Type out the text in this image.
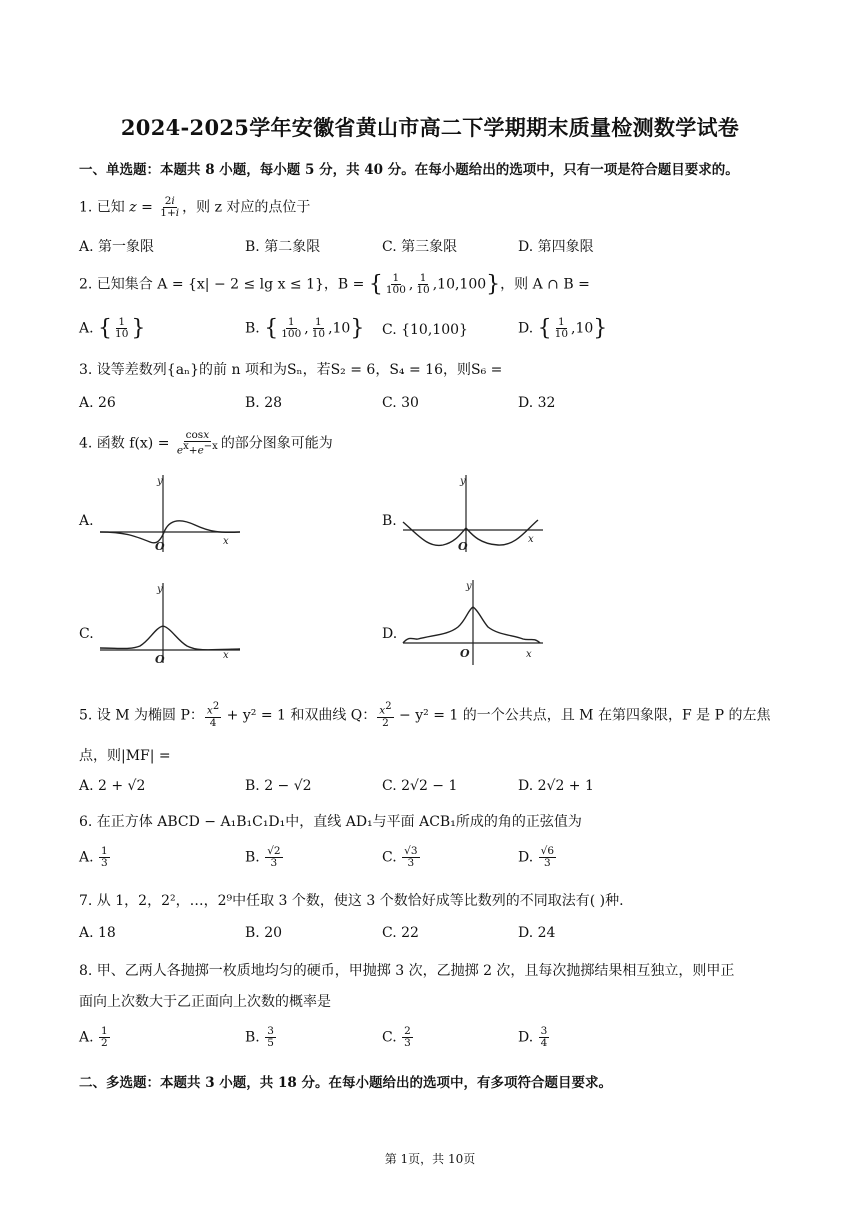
2024-2025学年安徽省黄山市高二下学期期末质量检测数学试卷
一、单选题：本题共 8 小题，每小题 5 分，共 40 分。在每小题给出的选项中，只有一项是符合题目要求的。
1. 已知 $z = \frac{2i}{1+i}$ ，则 z 对应的点位于
A. 第一象限	B. 第二象限	C. 第三象限	D. 第四象限
2. 已知集合 A = {x| − 2 ≤ lg x ≤ 1}，B = { $\frac{1}{100}$ , $\frac{1}{10} ,10,100$}，则 A ∩ B =
A. { $\frac{1}{10}$ }	B. { $\frac{1}{100}$ , $\frac{1}{10} ,10$} C. {10,100}	D. { $\frac{1}{10} ,10$}
3. 设等差数列{aₙ}的前 n 项和为Sₙ，若S₂ = 6，S₄ = 16，则S₆ =
A. 26	B. 28	C. 30	D. 32
4. 函数 $f(x) = \frac{\cos x}{e^x+e^{-x}}$ 的部分图象可能为
A.
y
O	x
B.
y
O
x
C.
y
O	x
D.
y
O	x
5. 设 M 为椭圆 P： $\frac{x^2}{4} + y^2 = 1$ 和双曲线 Q： $\frac{x^2}{2} - y^2 = 1$ 的一个公共点，且 M 在第四象限，F 是 P 的左焦
点，则|MF| =
A. 2 + √2	B. 2 − √2	C. 2√2 − 1	D. 2√2 + 1
6. 在正方体 ABCD − A₁B₁C₁D₁中，直线 AD₁与平面 ACB₁所成的角的正弦值为
A. $\frac{1}{3}$	B. $\frac{√2}{3}$	C. $\frac{√3}{3}$	D. $\frac{√6}{3}$
7. 从 1，2，2²，…，2⁹中任取 3 个数，使这 3 个数恰好成等比数列的不同取法有( )种.
A. 18	B. 20	C. 22	D. 24
8. 甲、乙两人各抛掷一枚质地均匀的硬币，甲抛掷 3 次，乙抛掷 2 次，且每次抛掷结果相互独立，则甲正
面向上次数大于乙正面向上次数的概率是
A. $\frac{1}{2}$	B. $\frac{3}{5}$	C. $\frac{2}{3}$	D. $\frac{3}{4}$
二、多选题：本题共 3 小题，共 18 分。在每小题给出的选项中，有多项符合题目要求。
第 1页，共 10页
